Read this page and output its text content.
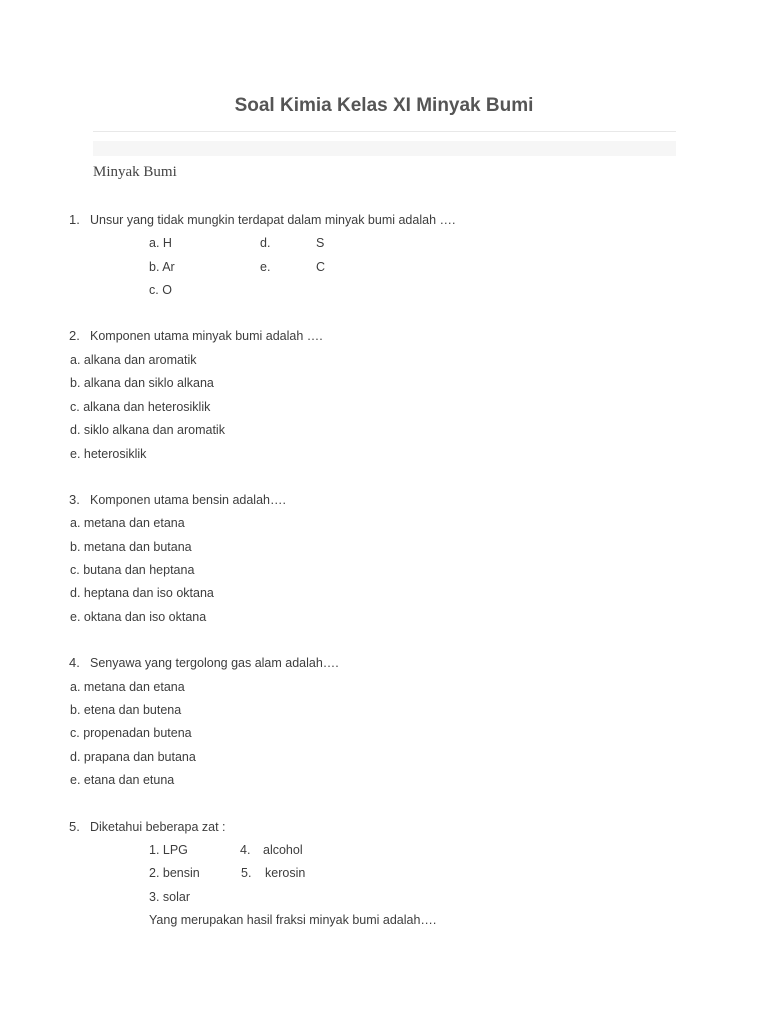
Soal Kimia Kelas XI Minyak Bumi
Minyak Bumi
1. Unsur yang tidak mungkin terdapat dalam minyak bumi adalah ….
a. H
b. Ar
c. O
d.	S
e.	C
2. Komponen utama minyak bumi adalah ….
a. alkana dan aromatik
b. alkana dan siklo alkana
c. alkana dan heterosiklik
d. siklo alkana dan aromatik
e. heterosiklik
3. Komponen utama bensin adalah….
a. metana dan etana
b. metana dan butana
c. butana dan heptana
d. heptana dan iso oktana
e. oktana dan iso oktana
4. Senyawa yang tergolong gas alam adalah….
a. metana dan etana
b. etena dan butena
c. propenadan butena
d. prapana dan butana
e. etana dan etuna
5. Diketahui beberapa zat :
1. LPG
2. bensin
3. solar
4. alcohol
5. kerosin
Yang merupakan hasil fraksi minyak bumi adalah….
